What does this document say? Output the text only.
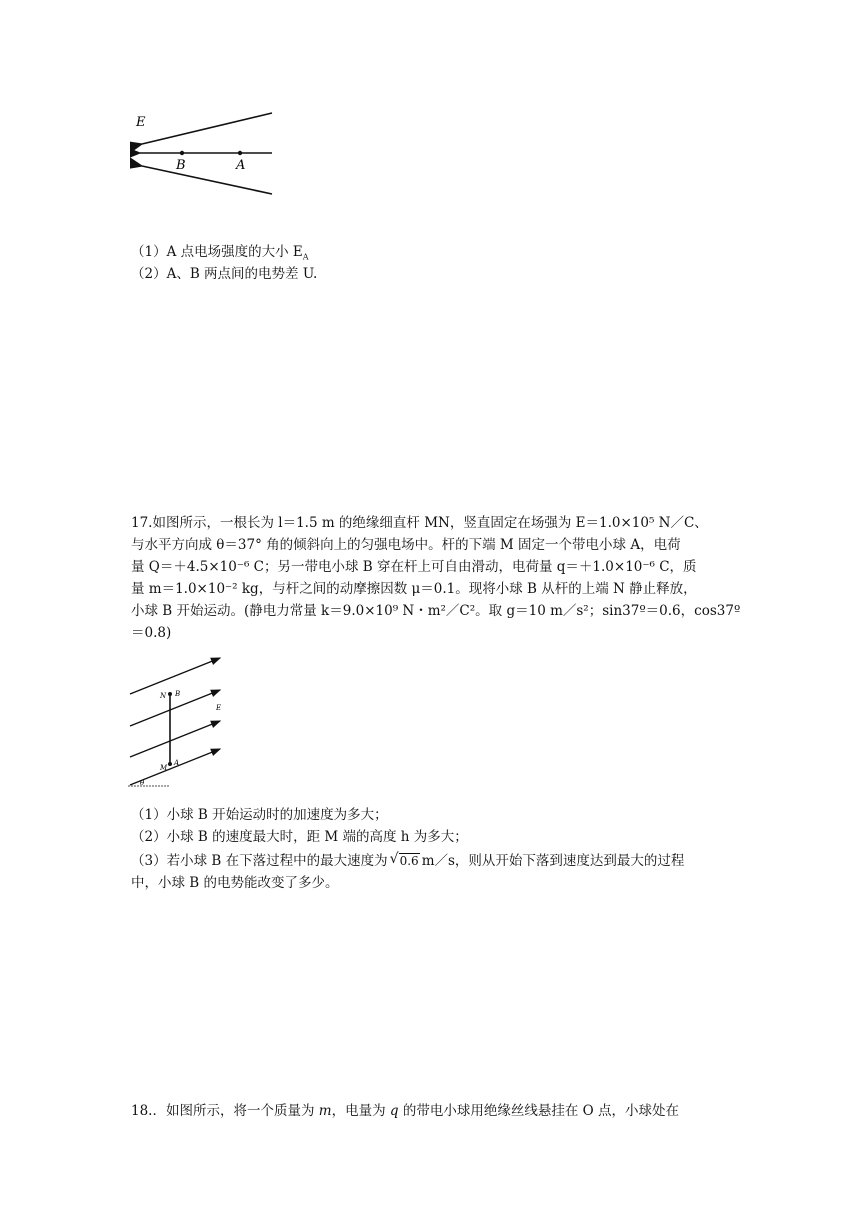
E
B	A
（1）A 点电场强度的大小 $E_A$
（2）A、B 两点间的电势差 U.
17.如图所示，一根长为 l＝1.5 m 的绝缘细直杆 MN，竖直固定在场强为 E＝1.0×10⁵ N／C、
与水平方向成 θ＝37° 角的倾斜向上的匀强电场中。杆的下端 M 固定一个带电小球 A，电荷
量 Q＝＋4.5×10⁻⁶ C；另一带电小球 B 穿在杆上可自由滑动，电荷量 q＝＋1.0×10⁻⁶ C，质
量 m＝1.0×10⁻² kg，与杆之间的动摩擦因数 μ＝0.1。现将小球 B 从杆的上端 N 静止释放，
小球 B 开始运动。(静电力常量 k＝9.0×10⁹ N・m²／C²。取 g＝10 m／s²；sin37º＝0.6，cos37º
＝0.8)
N B
E
M
A
θ
（1）小球 B 开始运动时的加速度为多大；
（2）小球 B 的速度最大时，距 M 端的高度 h 为多大；
（3）若小球 B 在下落过程中的最大速度为 √ 0.6 m／s，则从开始下落到速度达到最大的过程
中，小球 B 的电势能改变了多少。
18.．如图所示，将一个质量为 m，电量为 q 的带电小球用绝缘丝线悬挂在 O 点，小球处在
